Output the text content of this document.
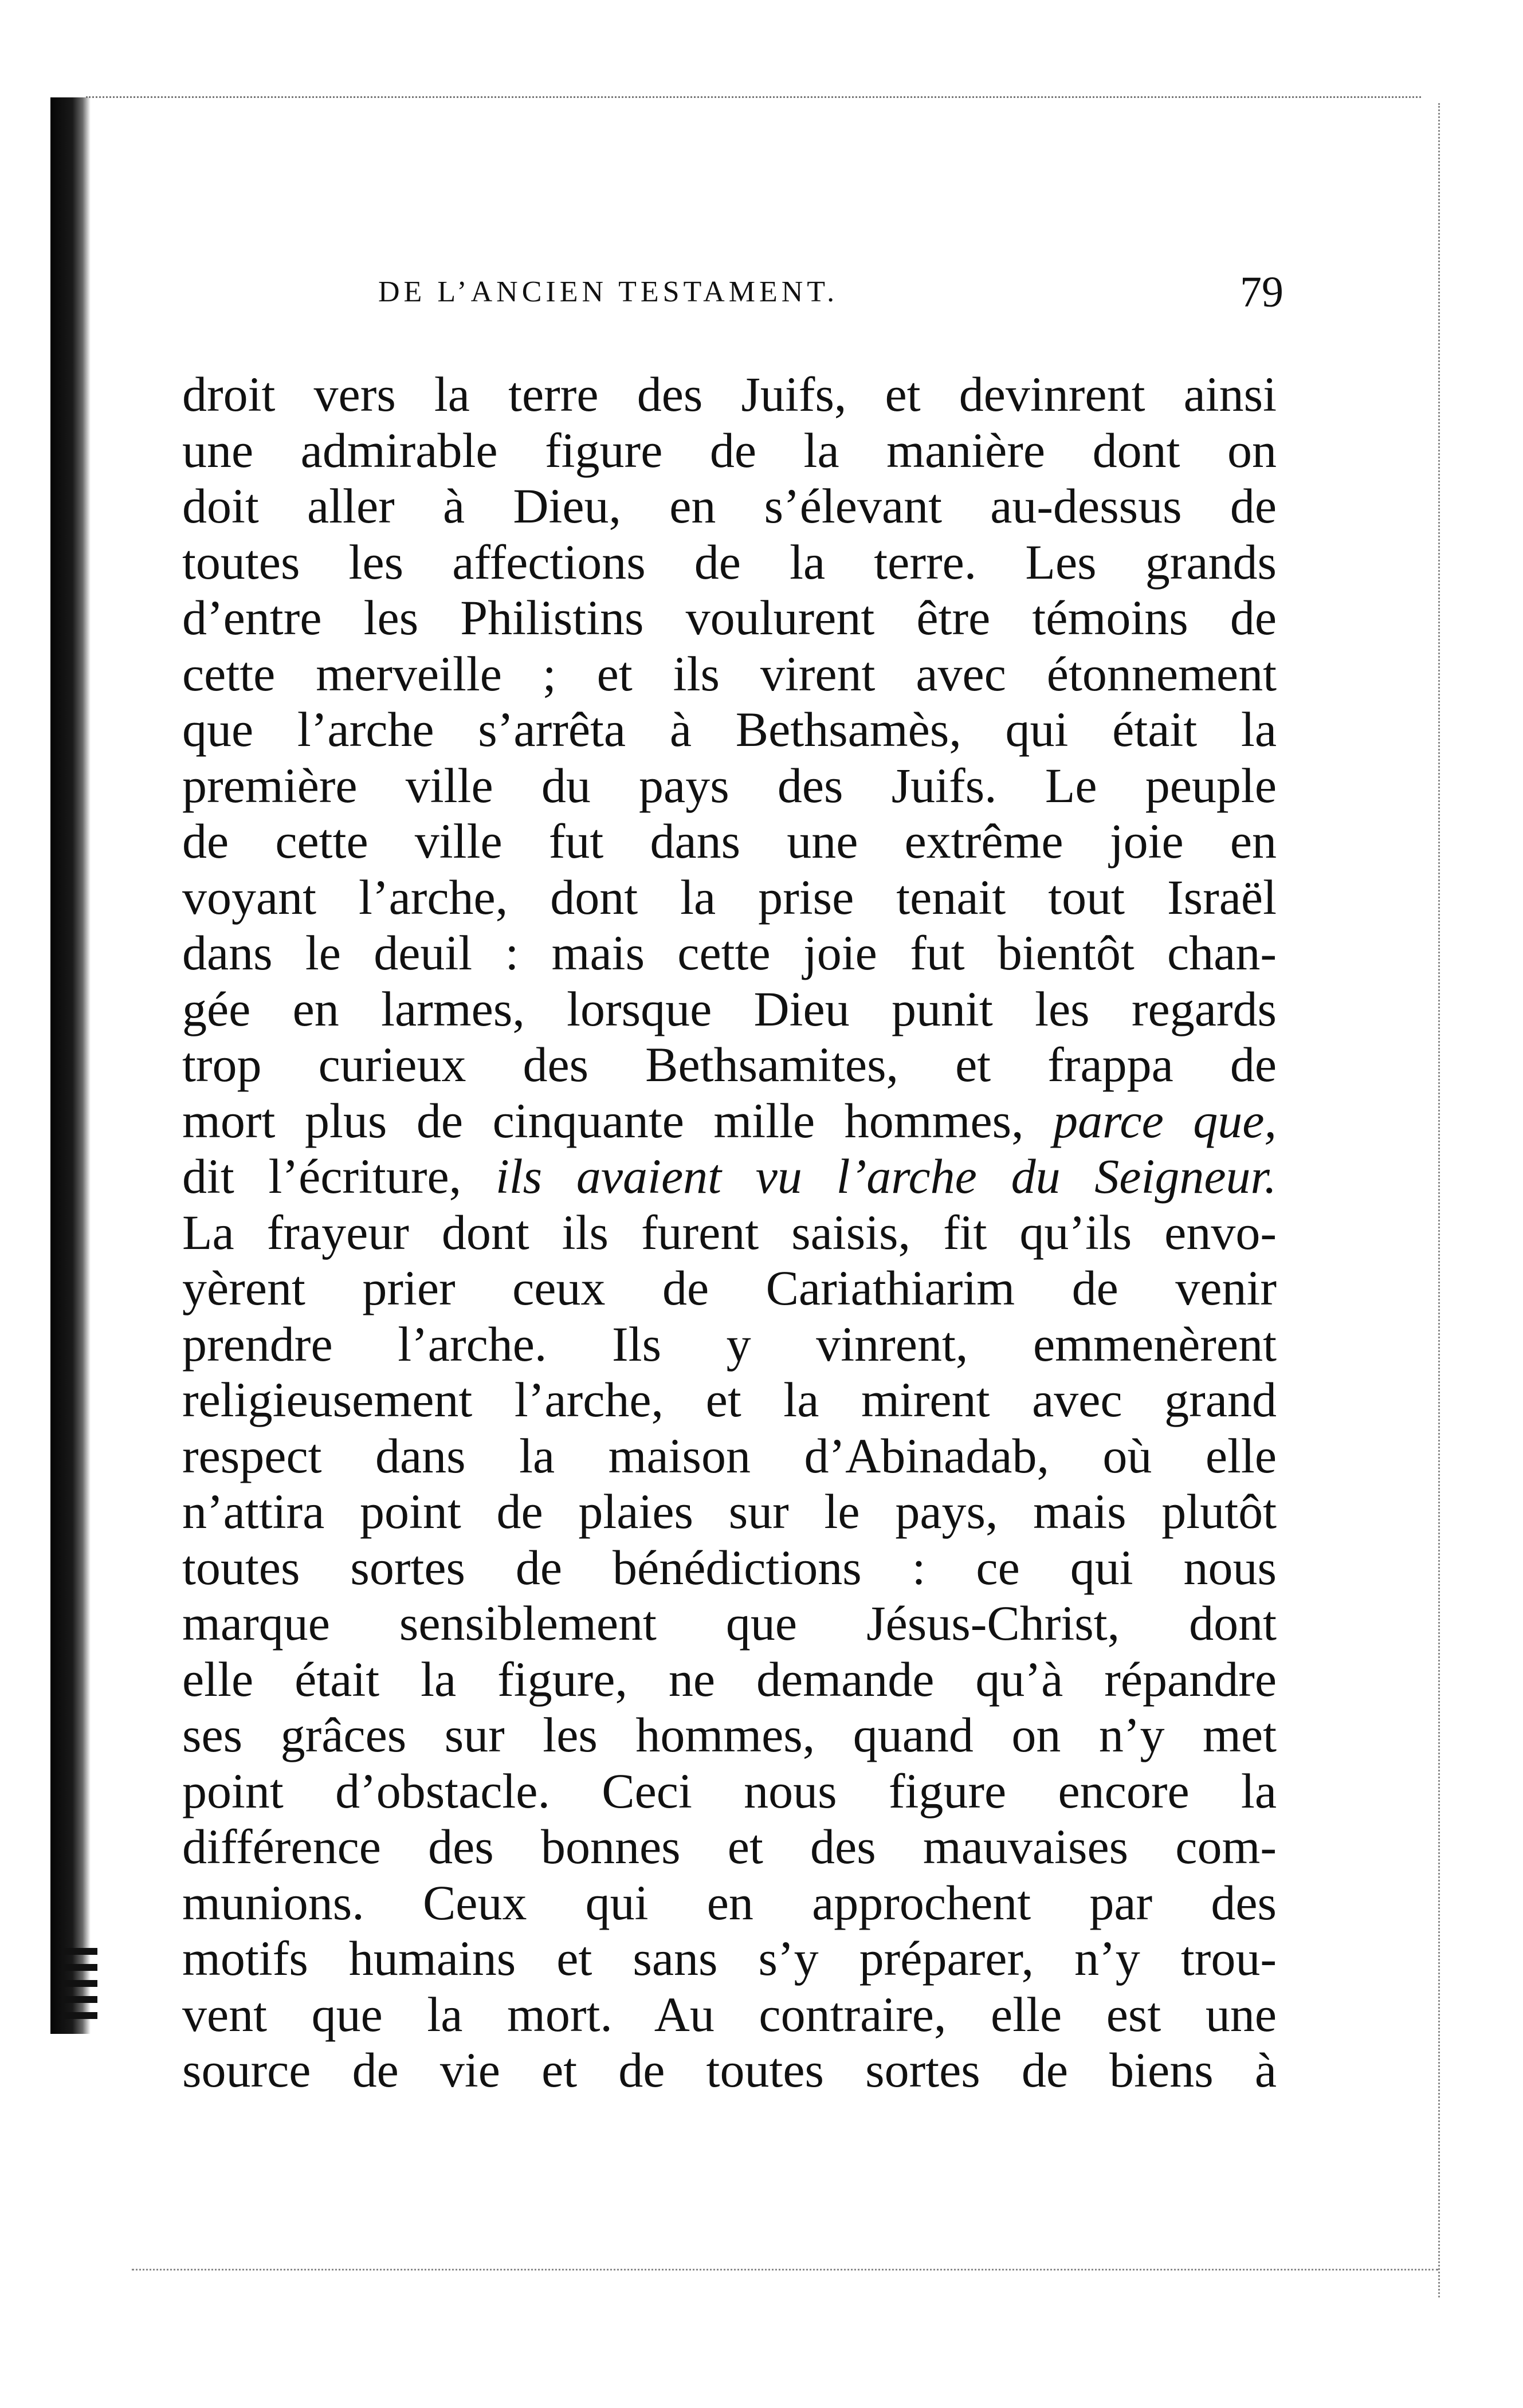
DE L’ANCIEN TESTAMENT.	79
droit vers la terre des Juifs, et devinrent ainsi
une admirable figure de la manière dont on
doit aller à Dieu, en s’élevant au-dessus de
toutes les affections de la terre. Les grands
d’entre les Philistins voulurent être témoins de
cette merveille ; et ils virent avec étonnement
que l’arche s’arrêta à Bethsamès, qui était la
première ville du pays des Juifs. Le peuple
de cette ville fut dans une extrême joie en
voyant l’arche, dont la prise tenait tout Israël
dans le deuil : mais cette joie fut bientôt chan-
gée en larmes, lorsque Dieu punit les regards
trop curieux des Bethsamites, et frappa de
mort plus de cinquante mille hommes, parce que,
dit l’écriture, ils avaient vu l’arche du Seigneur.
La frayeur dont ils furent saisis, fit qu’ils envo-
yèrent prier ceux de Cariathiarim de venir
prendre l’arche. Ils y vinrent, emmenèrent
religieusement l’arche, et la mirent avec grand
respect dans la maison d’Abinadab, où elle
n’attira point de plaies sur le pays, mais plutôt
toutes sortes de bénédictions : ce qui nous
marque sensiblement que Jésus-Christ, dont
elle était la figure, ne demande qu’à répandre
ses grâces sur les hommes, quand on n’y met
point d’obstacle. Ceci nous figure encore la
différence des bonnes et des mauvaises com-
munions. Ceux qui en approchent par des
motifs humains et sans s’y préparer, n’y trou-
vent que la mort. Au contraire, elle est une
source de vie et de toutes sortes de biens à
